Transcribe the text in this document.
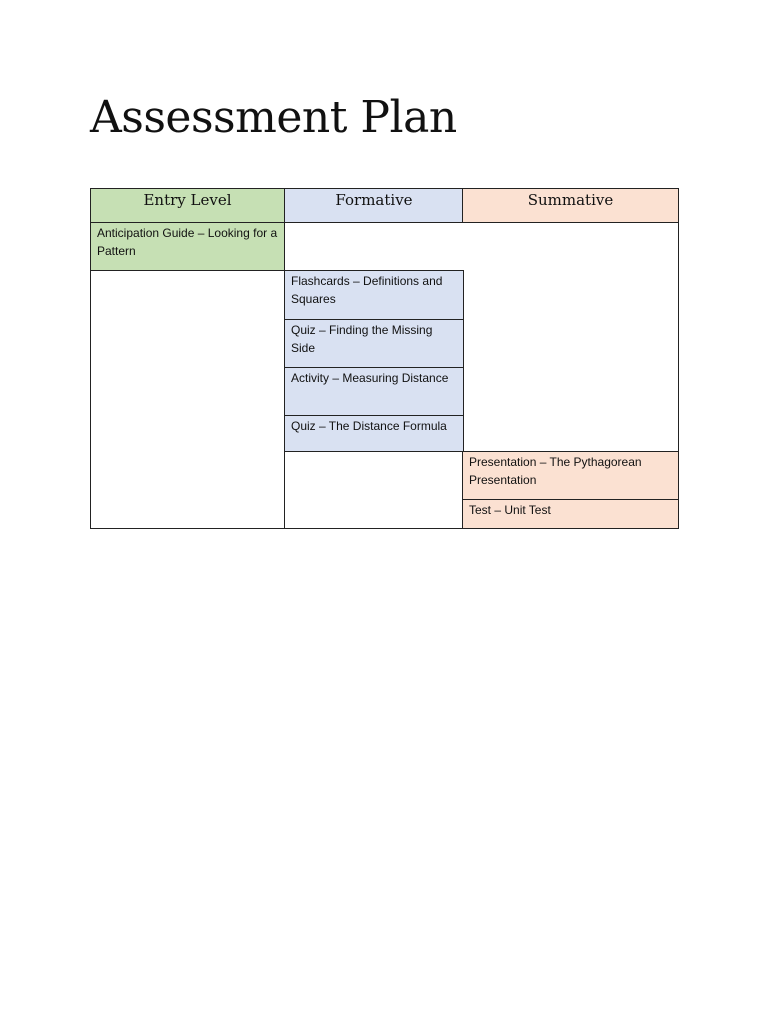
Assessment Plan
Entry Level	Formative	Summative
Anticipation Guide – Looking for a Pattern
Flashcards – Definitions and Squares
Quiz – Finding the Missing Side
Activity – Measuring Distance
Quiz – The Distance Formula
Presentation – The Pythagorean Presentation
Test – Unit Test
